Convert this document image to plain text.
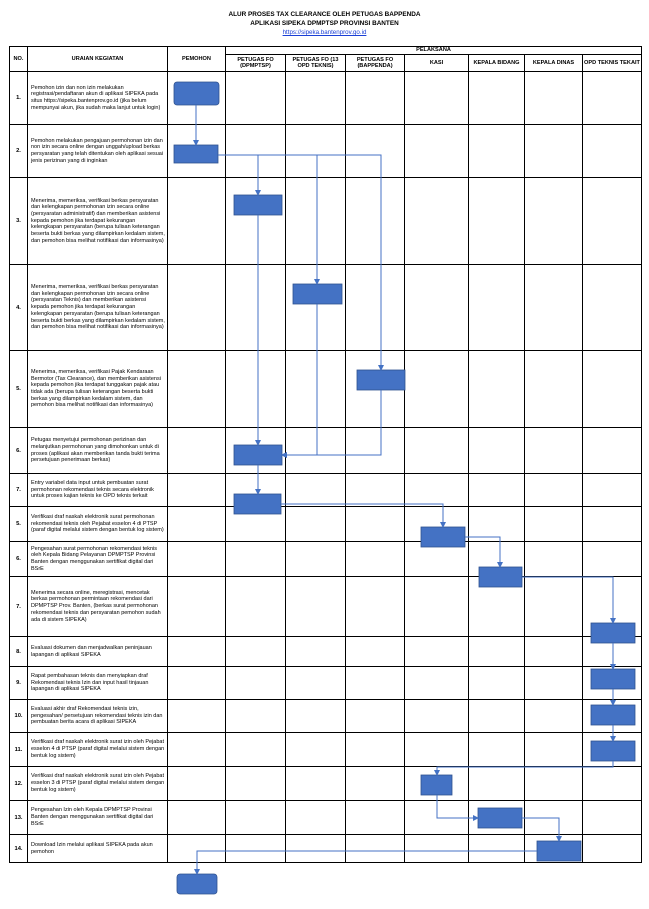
ALUR PROSES TAX CLEARANCE OLEH PETUGAS BAPPENDA
APLIKASI SIPEKA DPMPTSP PROVINSI BANTEN
https://sipeka.bantenprov.go.id
NO.	URAIAN KEGIATAN	PEMOHON	PELAKSANA						
			PETUGAS FO (DPMPTSP)	PETUGAS FO (13 OPD TEKNIS)	PETUGAS FO (BAPPENDA)	KASI	KEPALA BIDANG	KEPALA DINAS	OPD TEKNIS TEKAIT
1.	Pemohon izin dan non izin melakukan registrasi/pendaftaran akun di aplikasi SIPEKA pada situs https://sipeka.bantenprov.go.id (jika belum mempunyai akun, jika sudah maka lanjut untuk login)								
2.	Pemohon melakukan pengajuan permohonan izin dan non izin secara online dengan unggah/upload berkas persyaratan yang telah ditentukan oleh aplikasi sesuai jenis perizinan yang di inginkan								
3.	Menerima, memeriksa, verifikasi berkas persyaratan dan kelengkapan permohonan izin secara online (persyaratan administratif) dan memberikan asistensi kepada pemohon jika terdapat kekurangan kelengkapan persyaratan (berupa tulisan keterangan beserta bukti berkas yang dilampirkan kedalam sistem, dan pemohon bisa melihat notifikasi dan informasinya)								
4.	Menerima, memeriksa, verifikasi berkas persyaratan dan kelengkapan permohonan izin secara online (persyaratan Teknis) dan memberikan asistensi kepada pemohon jika terdapat kekurangan kelengkapan persyaratan (berupa tulisan keterangan beserta bukti berkas yang dilampirkan kedalam sistem, dan pemohon bisa melihat notifikasi dan informasinya)								
5.	Menerima, memeriksa, verifikasi Pajak Kendaraan Bermotor (Tax Clearance), dan memberikan asistensi kepada pemohon jika terdapat tunggakan pajak atau tidak ada (berupa tulisan keterangan beserta bukti berkas yang dilampirkan kedalam sistem, dan pemohon bisa melihat notifikasi dan informasinya)								
6.	Petugas menyetujui permohonan perizinan dan melanjutkan permohonan yang dimohonkan untuk di proses (aplikasi akan memberikan tanda bukti terima persetujuan penerimaan berkas)								
7.	Entry variabel data input untuk pembuatan surat permohonan rekomendasi teknis secara elektronik untuk proses kajian teknis ke OPD teknis terkait								
5.	Verifikasi draf naskah elektronik surat permohonan rekomendasi teknis oleh Pejabat esselon 4 di PTSP (paraf digital melalui sistem dengan bentuk log sistem)								
6.	Pengesahan surat permohonan rekomendasi teknis oleh Kepala Bidang Pelayanan DPMPTSP Provinsi Banten dengan menggunakan sertifikat digital dari BSrE								
7.	Menerima secara online, meregistrasi, mencetak berkas permohonan permintaan rekomendasi dari DPMPTSP Prov. Banten, (berkas surat permohonan rekomendasi teknis dan persyaratan pemohon sudah ada di sistem SIPEKA)								
8.	Evaluasi dokumen dan menjadwalkan peninjauan lapangan di aplikasi SIPEKA								
9.	Rapat pembahasan teknis dan menyiapkan draf Rekomendasi teknis Izin dan input hasil tinjauan lapangan di aplikasi SIPEKA								
10.	Evaluasi akhir draf Rekomendasi teknis izin, pengesahan/ persetujuan rekomendasi teknis izin dan pembuatan berita acara di aplikasi SIPEKA								
11.	Verifikasi draf naskah elektronik surat izin oleh Pejabat esselon 4 di PTSP (paraf digital melalui sistem dengan bentuk log sistem)								
12.	Verifikasi draf naskah elektronik surat izin oleh Pejabat esselon 3 di PTSP (paraf digital melalui sistem dengan bentuk log sistem)								
13.	Pengesahan Izin oleh Kepala DPMPTSP Provinsi Banten dengan menggunakan sertifikat digital dari BSrE								
14.	Download Izin melalui aplikasi SIPEKA pada akun pemohon								
